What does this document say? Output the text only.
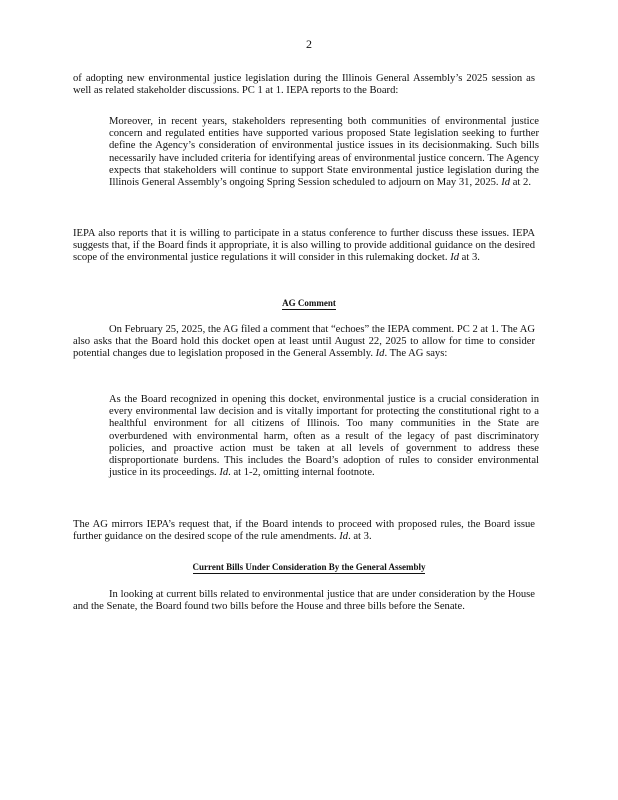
2

of adopting new environmental justice legislation during the Illinois General Assembly’s 2025 session as well as related stakeholder discussions. PC 1 at 1. IEPA reports to the Board:

Moreover, in recent years, stakeholders representing both communities of environmental justice concern and regulated entities have supported various proposed State legislation seeking to further define the Agency’s consideration of environmental justice issues in its decisionmaking. Such bills necessarily have included criteria for identifying areas of environmental justice concern. The Agency expects that stakeholders will continue to support State environmental justice legislation during the Illinois General Assembly’s ongoing Spring Session scheduled to adjourn on May 31, 2025. Id at 2.

IEPA also reports that it is willing to participate in a status conference to further discuss these issues. IEPA suggests that, if the Board finds it appropriate, it is also willing to provide additional guidance on the desired scope of the environmental justice regulations it will consider in this rulemaking docket. Id at 3.

AG Comment

On February 25, 2025, the AG filed a comment that “echoes” the IEPA comment. PC 2 at 1. The AG also asks that the Board hold this docket open at least until August 22, 2025 to allow for time to consider potential changes due to legislation proposed in the General Assembly. Id. The AG says:

As the Board recognized in opening this docket, environmental justice is a crucial consideration in every environmental law decision and is vitally important for protecting the constitutional right to a healthful environment for all citizens of Illinois. Too many communities in the State are overburdened with environmental harm, often as a result of the legacy of past discriminatory policies, and proactive action must be taken at all levels of government to address these disproportionate burdens. This includes the Board’s adoption of rules to consider environmental justice in its proceedings. Id. at 1-2, omitting internal footnote.

The AG mirrors IEPA’s request that, if the Board intends to proceed with proposed rules, the Board issue further guidance on the desired scope of the rule amendments. Id. at 3.

Current Bills Under Consideration By the General Assembly

In looking at current bills related to environmental justice that are under consideration by the House and the Senate, the Board found two bills before the House and three bills before the Senate.
